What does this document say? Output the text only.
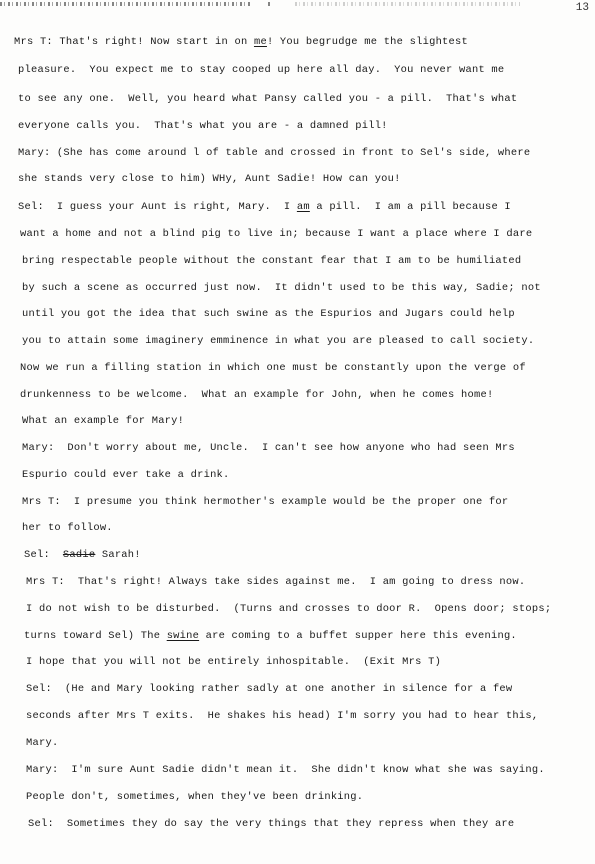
13
Mrs T: That's right! Now start in on me! You begrudge me the slightest
pleasure.  You expect me to stay cooped up here all day.  You never want me
to see any one.  Well, you heard what Pansy called you - a pill.  That's what
everyone calls you.  That's what you are - a damned pill!
Mary: (She has come around l of table and crossed in front to Sel's side, where
she stands very close to him) WHy, Aunt Sadie! How can you!
Sel:  I guess your Aunt is right, Mary.  I am a pill.  I am a pill because I
want a home and not a blind pig to live in; because I want a place where I dare
bring respectable people without the constant fear that I am to be humiliated
by such a scene as occurred just now.  It didn't used to be this way, Sadie; not
until you got the idea that such swine as the Espurios and Jugars could help
you to attain some imaginery emminence in what you are pleased to call society.
Now we run a filling station in which one must be constantly upon the verge of
drunkenness to be welcome.  What an example for John, when he comes home!
What an example for Mary!
Mary:  Don't worry about me, Uncle.  I can't see how anyone who had seen Mrs
Espurio could ever take a drink.
Mrs T:  I presume you think hermother's example would be the proper one for
her to follow.
Sel:  Sadie Sarah!
Mrs T:  That's right! Always take sides against me.  I am going to dress now.
I do not wish to be disturbed.  (Turns and crosses to door R.  Opens door; stops;
turns toward Sel) The swine are coming to a buffet supper here this evening.
I hope that you will not be entirely inhospitable.  (Exit Mrs T)
Sel:  (He and Mary looking rather sadly at one another in silence for a few
seconds after Mrs T exits.  He shakes his head) I'm sorry you had to hear this,
Mary.
Mary:  I'm sure Aunt Sadie didn't mean it.  She didn't know what she was saying.
People don't, sometimes, when they've been drinking.
Sel:  Sometimes they do say the very things that they repress when they are
